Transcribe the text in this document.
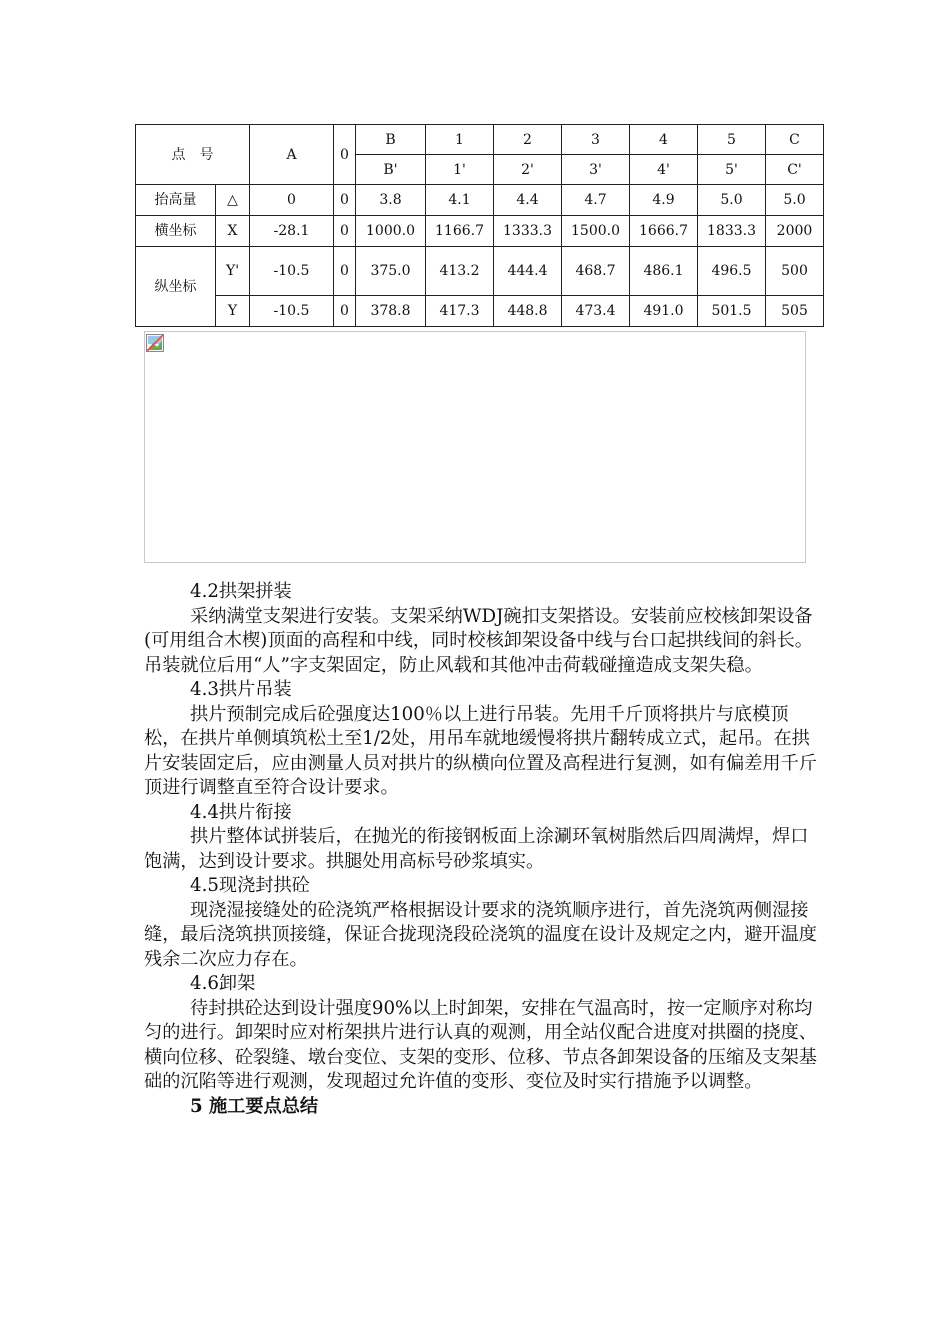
点　号		A	0	B	1	2	3	4	5	C
				B'	1'	2'	3'	4'	5'	C'
抬高量	△	0	0	3.8	4.1	4.4	4.7	4.9	5.0	5.0
横坐标	X	-28.1	0	1000.0	1166.7	1333.3	1500.0	1666.7	1833.3	2000
纵坐标	Y'	-10.5	0	375.0	413.2	444.4	468.7	486.1	496.5	500
	Y	-10.5	0	378.8	417.3	448.8	473.4	491.0	501.5	505

4.2拱架拼装

采纳满堂支架进行安装。支架采纳WDJ碗扣支架搭设。安装前应校核卸架设备(可用组合木楔)顶面的高程和中线，同时校核卸架设备中线与台口起拱线间的斜长。吊装就位后用“人”字支架固定，防止风载和其他冲击荷载碰撞造成支架失稳。

4.3拱片吊装

拱片预制完成后砼强度达100％以上进行吊装。先用千斤顶将拱片与底模顶松，在拱片单侧填筑松土至1/2处，用吊车就地缓慢将拱片翻转成立式，起吊。在拱片安装固定后，应由测量人员对拱片的纵横向位置及高程进行复测，如有偏差用千斤顶进行调整直至符合设计要求。

4.4拱片衔接

拱片整体试拼装后，在抛光的衔接钢板面上涂涮环氧树脂然后四周满焊，焊口饱满，达到设计要求。拱腿处用高标号砂浆填实。

4.5现浇封拱砼

现浇湿接缝处的砼浇筑严格根据设计要求的浇筑顺序进行，首先浇筑两侧湿接缝，最后浇筑拱顶接缝，保证合拢现浇段砼浇筑的温度在设计及规定之内，避开温度残余二次应力存在。

4.6卸架

待封拱砼达到设计强度90%以上时卸架，安排在气温高时，按一定顺序对称均匀的进行。卸架时应对桁架拱片进行认真的观测，用全站仪配合进度对拱圈的挠度、横向位移、砼裂缝、墩台变位、支架的变形、位移、节点各卸架设备的压缩及支架基础的沉陷等进行观测，发现超过允许值的变形、变位及时实行措施予以调整。

5 施工要点总结
